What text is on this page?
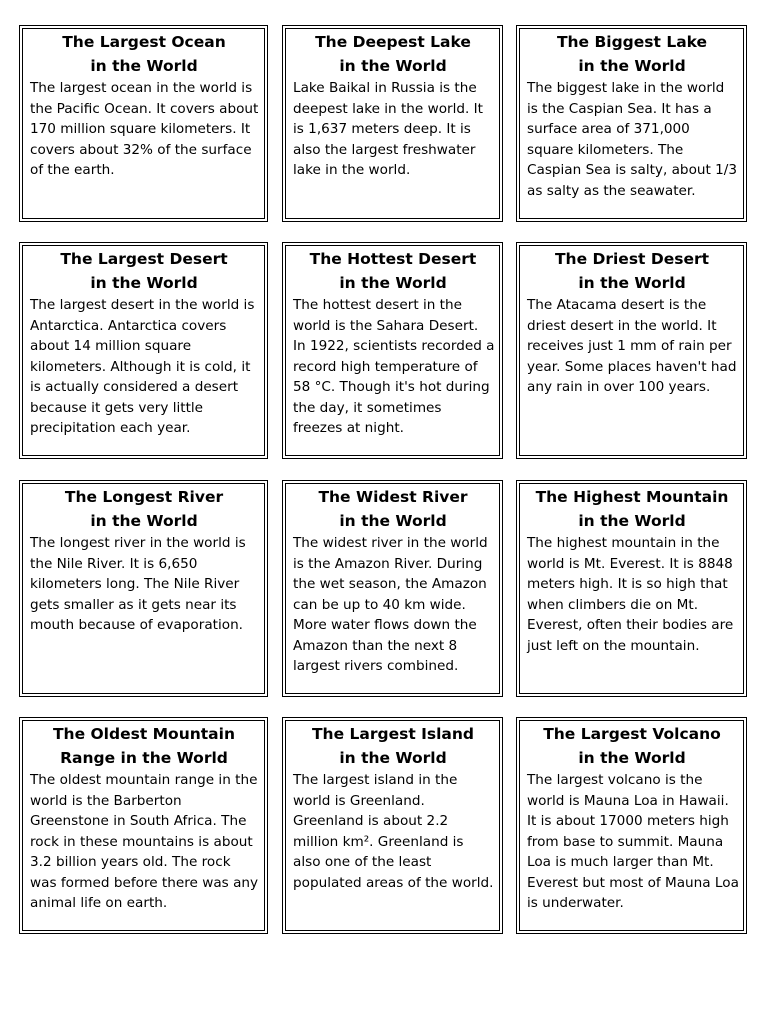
The Largest Ocean
in the World
The largest ocean in the world is the Pacific Ocean. It covers about 170 million square kilometers. It covers about 32% of the surface of the earth.
The Deepest Lake
in the World
Lake Baikal in Russia is the deepest lake in the world. It is 1,637 meters deep. It is also the largest freshwater lake in the world.
The Biggest Lake
in the World
The biggest lake in the world is the Caspian Sea. It has a surface area of 371,000 square kilometers. The Caspian Sea is salty, about 1/3 as salty as the seawater.
The Largest Desert
in the World
The largest desert in the world is Antarctica. Antarctica covers about 14 million square kilometers. Although it is cold, it is actually considered a desert because it gets very little precipitation each year.
The Hottest Desert
in the World
The hottest desert in the world is the Sahara Desert. In 1922, scientists recorded a record high temperature of 58 °C. Though it's hot during the day, it sometimes freezes at night.
The Driest Desert
in the World
The Atacama desert is the driest desert in the world. It receives just 1 mm of rain per year. Some places haven't had any rain in over 100 years.
The Longest River
in the World
The longest river in the world is the Nile River. It is 6,650 kilometers long. The Nile River gets smaller as it gets near its mouth because of evaporation.
The Widest River
in the World
The widest river in the world is the Amazon River. During the wet season, the Amazon can be up to 40 km wide. More water flows down the Amazon than the next 8 largest rivers combined.
The Highest Mountain
in the World
The highest mountain in the world is Mt. Everest. It is 8848 meters high. It is so high that when climbers die on Mt. Everest, often their bodies are just left on the mountain.
The Oldest Mountain
Range in the World
The oldest mountain range in the world is the Barberton Greenstone in South Africa. The rock in these mountains is about 3.2 billion years old. The rock was formed before there was any animal life on earth.
The Largest Island
in the World
The largest island in the world is Greenland. Greenland is about 2.2 million km². Greenland is also one of the least populated areas of the world.
The Largest Volcano
in the World
The largest volcano is the world is Mauna Loa in Hawaii. It is about 17000 meters high from base to summit. Mauna Loa is much larger than Mt. Everest but most of Mauna Loa is underwater.
